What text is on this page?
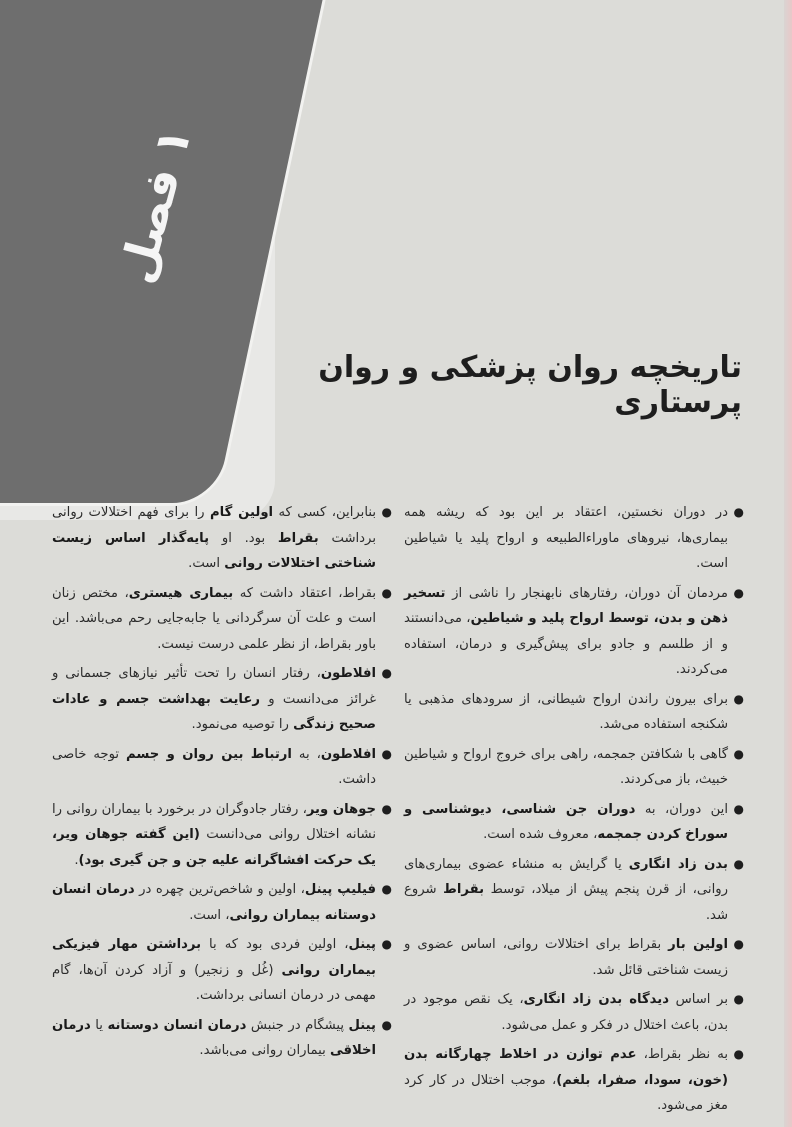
فصل
۱
تاریخچه روان پزشکی و روان پرستاری
●
در دوران نخستین، اعتقاد بر این بود که ریشه همه بیماری‌ها، نیروهای ماوراءالطبیعه و ارواح پلید یا شیاطین است.
●
مردمان آن دوران، رفتارهای نابهنجار را ناشی از تسخیر ذهن و بدن، توسط ارواح پلید و شیاطین، می‌دانستند و از طلسم و جادو برای پیش‌گیری و درمان، استفاده می‌کردند.
●
برای بیرون راندن ارواح شیطانی، از سرودهای مذهبی یا شکنجه استفاده می‌شد.
●
گاهی با شکافتن جمجمه، راهی برای خروج ارواح و شیاطین خبیث، باز می‌کردند.
●
این دوران، به دوران جن شناسی، دیوشناسی و سوراخ کردن جمجمه، معروف شده است.
●
بدن زاد انگاری یا گرایش به منشاء عضوی بیماری‌های روانی، از قرن پنجم پیش از میلاد، توسط بقراط شروع شد.
●
اولین بار بقراط برای اختلالات روانی، اساس عضوی و زیست شناختی قائل شد.
●
بر اساس دیدگاه بدن زاد انگاری، یک نقص موجود در بدن، باعث اختلال در فکر و عمل می‌شود.
●
به نظر بقراط، عدم توازن در اخلاط چهارگانه بدن (خون، سودا، صفرا، بلغم)، موجب اختلال در کار کرد مغز می‌شود.
●
بنابراین، کسی که اولین گام را برای فهم اختلالات روانی برداشت بقراط بود. او پایه‌گذار اساس زیست شناختی اختلالات روانی است.
●
بقراط، اعتقاد داشت که بیماری هیستری، مختص زنان است و علت آن سرگردانی یا جابه‌جایی رحم می‌باشد. این باور بقراط، از نظر علمی درست نیست.
●
افلاطون، رفتار انسان را تحت تأثیر نیازهای جسمانی و غرائز می‌دانست و رعایت بهداشت جسم و عادات صحیح زندگی را توصیه می‌نمود.
●
افلاطون، به ارتباط بین روان و جسم توجه خاصی داشت.
●
جوهان ویر، رفتار جادوگران در برخورد با بیماران روانی را نشانه اختلال روانی می‌دانست (این گفته جوهان ویر، یک حرکت افشاگرانه علیه جن و جن گیری بود).
●
فیلیپ پینل، اولین و شاخص‌ترین چهره در درمان انسان دوستانه بیماران روانی، است.
●
پینل، اولین فردی بود که با برداشتن مهار فیزیکی بیماران روانی (غُل و زنجیر) و آزاد کردن آن‌ها، گام مهمی در درمان انسانی برداشت.
●
پینل پیشگام در جنبش درمان انسان دوستانه یا درمان اخلاقی بیماران روانی می‌باشد.
